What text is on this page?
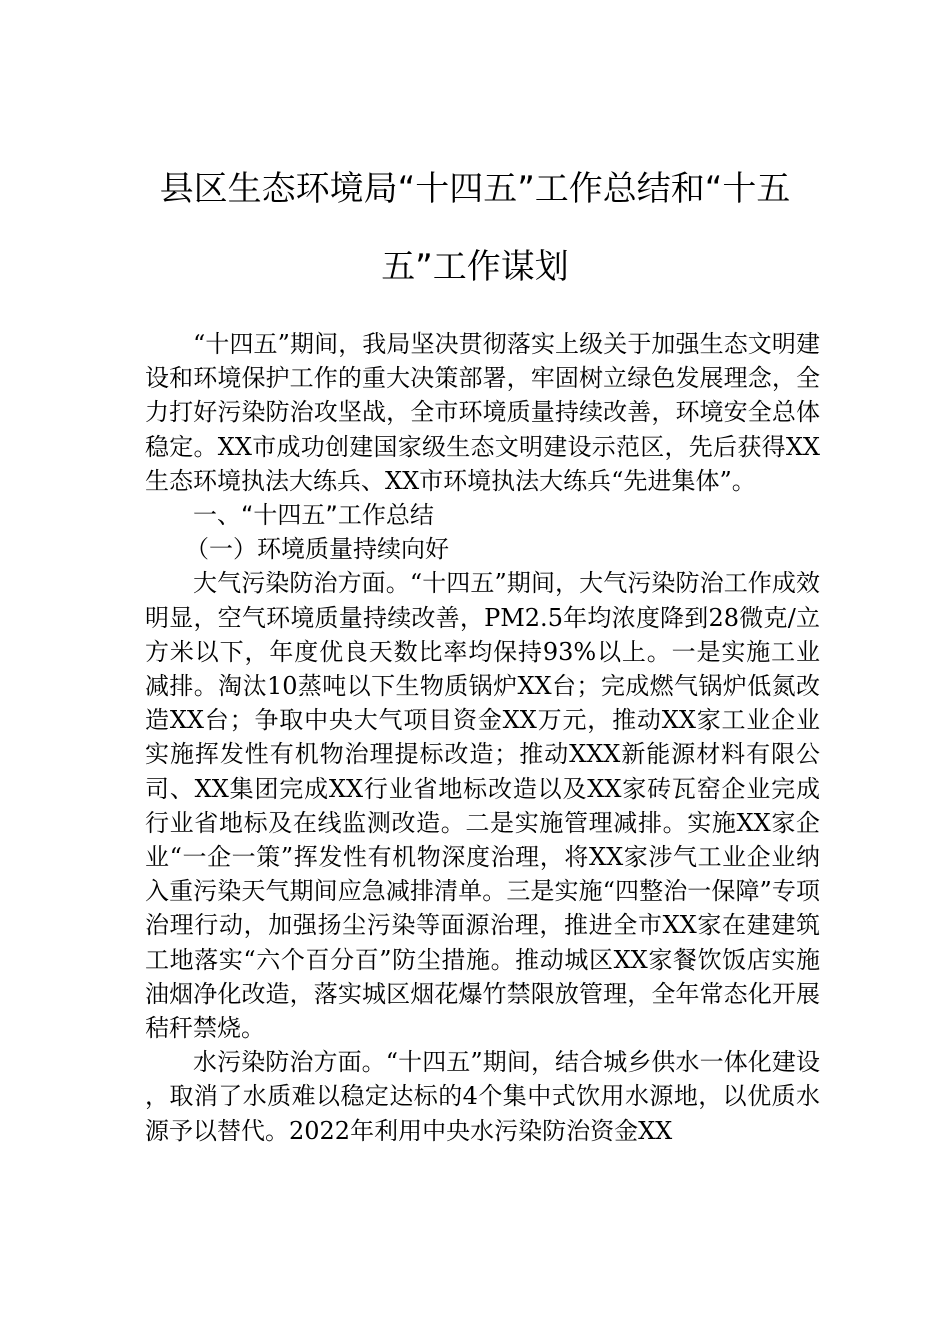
县区生态环境局“十四五”工作总结和“十五
五”工作谋划

“十四五”期间，我局坚决贯彻落实上级关于加强生态文明建设和环境保护工作的重大决策部署，牢固树立绿色发展理念，全力打好污染防治攻坚战，全市环境质量持续改善，环境安全总体稳定。XX市成功创建国家级生态文明建设示范区，先后获得XX生态环境执法大练兵、XX市环境执法大练兵“先进集体”。

一、“十四五”工作总结

（一）环境质量持续向好

大气污染防治方面。“十四五”期间，大气污染防治工作成效明显，空气环境质量持续改善，PM2.5年均浓度降到28微克/立方米以下，年度优良天数比率均保持93%以上。一是实施工业减排。淘汰10蒸吨以下生物质锅炉XX台；完成燃气锅炉低氮改造XX台；争取中央大气项目资金XX万元，推动XX家工业企业实施挥发性有机物治理提标改造；推动XXX新能源材料有限公司、XX集团完成XX行业省地标改造以及XX家砖瓦窑企业完成行业省地标及在线监测改造。二是实施管理减排。实施XX家企业“一企一策”挥发性有机物深度治理，将XX家涉气工业企业纳入重污染天气期间应急减排清单。三是实施“四整治一保障”专项治理行动，加强扬尘污染等面源治理，推进全市XX家在建建筑工地落实“六个百分百”防尘措施。推动城区XX家餐饮饭店实施油烟净化改造，落实城区烟花爆竹禁限放管理，全年常态化开展秸秆禁烧。

水污染防治方面。“十四五”期间，结合城乡供水一体化建设，取消了水质难以稳定达标的4个集中式饮用水源地，以优质水源予以替代。2022年利用中央水污染防治资金XX
